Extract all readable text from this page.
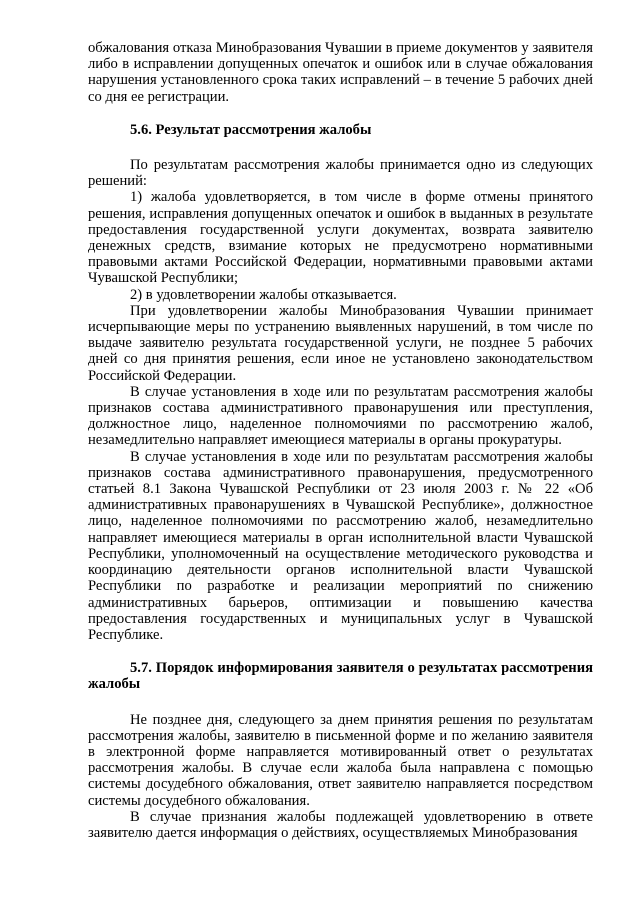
обжалования отказа Минобразования Чувашии в приеме документов у заявителя либо в исправлении допущенных опечаток и ошибок или в случае обжалования нарушения установленного срока таких исправлений – в течение 5 рабочих дней со дня ее регистрации.

5.6. Результат рассмотрения жалобы

По результатам рассмотрения жалобы принимается одно из следующих решений:

1) жалоба удовлетворяется, в том числе в форме отмены принятого решения, исправления допущенных опечаток и ошибок в выданных в результате предоставления государственной услуги документах, возврата заявителю денежных средств, взимание которых не предусмотрено нормативными правовыми актами Российской Федерации, нормативными правовыми актами Чувашской Республики;

2) в удовлетворении жалобы отказывается.

При удовлетворении жалобы Минобразования Чувашии принимает исчерпывающие меры по устранению выявленных нарушений, в том числе по выдаче заявителю результата государственной услуги, не позднее 5 рабочих дней со дня принятия решения, если иное не установлено законодательством Российской Федерации.

В случае установления в ходе или по результатам рассмотрения жалобы признаков состава административного правонарушения или преступления, должностное лицо, наделенное полномочиями по рассмотрению жалоб, незамедлительно направляет имеющиеся материалы в органы прокуратуры.

В случае установления в ходе или по результатам рассмотрения жалобы признаков состава административного правонарушения, предусмотренного статьей 8.1 Закона Чувашской Республики от 23 июля 2003 г. № 22 «Об административных правонарушениях в Чувашской Республике», должностное лицо, наделенное полномочиями по рассмотрению жалоб, незамедлительно направляет имеющиеся материалы в орган исполнительной власти Чувашской Республики, уполномоченный на осуществление методического руководства и координацию деятельности органов исполнительной власти Чувашской Республики по разработке и реализации мероприятий по снижению административных барьеров, оптимизации и повышению качества предоставления государственных и муниципальных услуг в Чувашской Республике.

5.7. Порядок информирования заявителя о результатах рассмотрения жалобы

Не позднее дня, следующего за днем принятия решения по результатам рассмотрения жалобы, заявителю в письменной форме и по желанию заявителя в электронной форме направляется мотивированный ответ о результатах рассмотрения жалобы. В случае если жалоба была направлена с помощью системы досудебного обжалования, ответ заявителю направляется посредством системы досудебного обжалования.

В случае признания жалобы подлежащей удовлетворению в ответе заявителю дается информация о действиях, осуществляемых Минобразования
